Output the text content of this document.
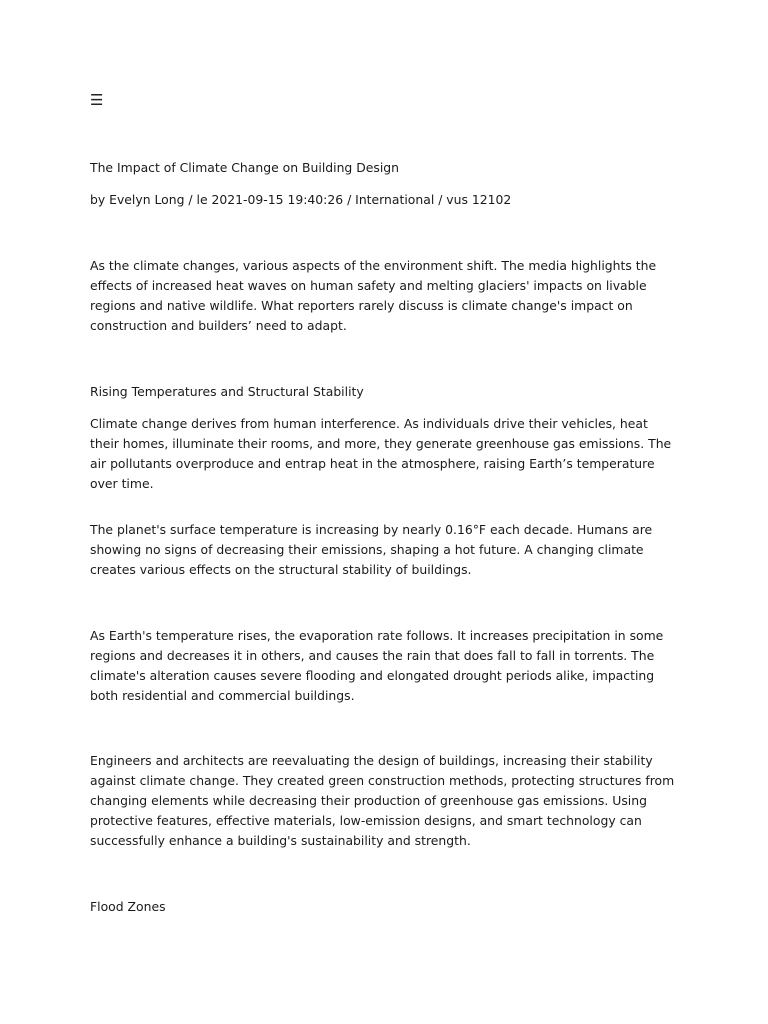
☰

The Impact of Climate Change on Building Design

by Evelyn Long / le 2021-09-15 19:40:26 / International / vus 12102

As the climate changes, various aspects of the environment shift. The media highlights the effects of increased heat waves on human safety and melting glaciers' impacts on livable regions and native wildlife. What reporters rarely discuss is climate change's impact on construction and builders’ need to adapt.

Rising Temperatures and Structural Stability

Climate change derives from human interference. As individuals drive their vehicles, heat their homes, illuminate their rooms, and more, they generate greenhouse gas emissions. The air pollutants overproduce and entrap heat in the atmosphere, raising Earth’s temperature over time.

The planet's surface temperature is increasing by nearly 0.16°F each decade. Humans are showing no signs of decreasing their emissions, shaping a hot future. A changing climate creates various effects on the structural stability of buildings.

As Earth's temperature rises, the evaporation rate follows. It increases precipitation in some regions and decreases it in others, and causes the rain that does fall to fall in torrents. The climate's alteration causes severe flooding and elongated drought periods alike, impacting both residential and commercial buildings.

Engineers and architects are reevaluating the design of buildings, increasing their stability against climate change. They created green construction methods, protecting structures from changing elements while decreasing their production of greenhouse gas emissions. Using protective features, effective materials, low-emission designs, and smart technology can successfully enhance a building's sustainability and strength.

Flood Zones
